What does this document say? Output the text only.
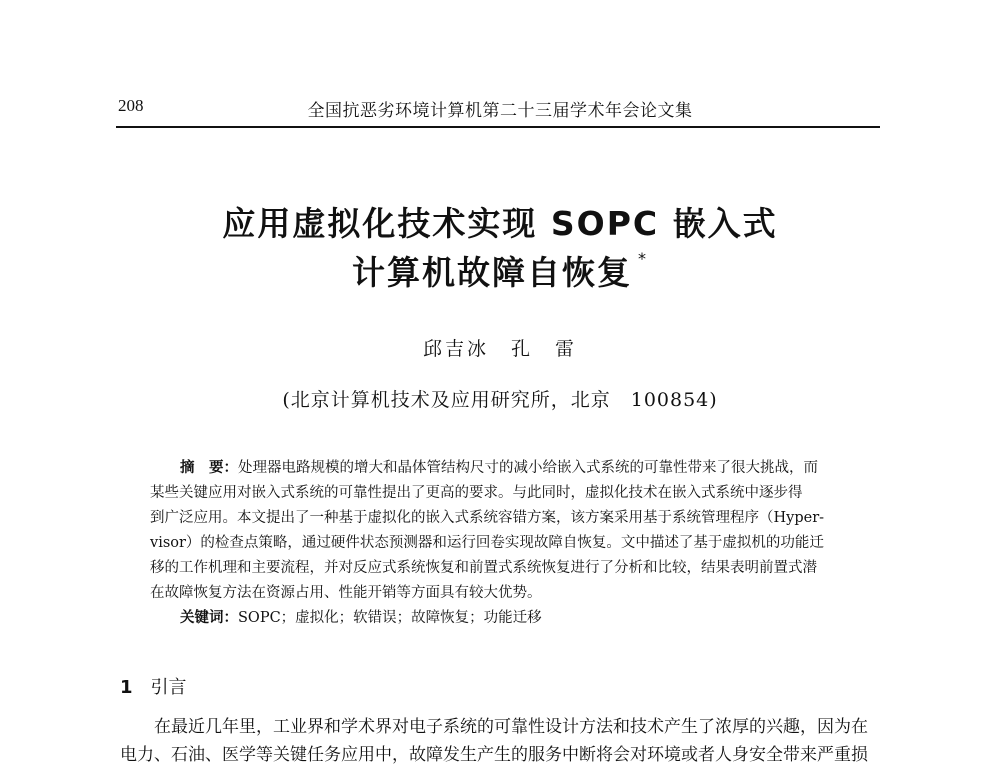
208	全国抗恶劣环境计算机第二十三届学术年会论文集
应用虚拟化技术实现 SOPC 嵌入式
计算机故障自恢复 *
邱吉冰　孔　雷
(北京计算机技术及应用研究所，北京　100854)
摘　要：处理器电路规模的增大和晶体管结构尺寸的减小给嵌入式系统的可靠性带来了很大挑战，而
某些关键应用对嵌入式系统的可靠性提出了更高的要求。与此同时，虚拟化技术在嵌入式系统中逐步得
到广泛应用。本文提出了一种基于虚拟化的嵌入式系统容错方案，该方案采用基于系统管理程序（Hyper-
visor）的检查点策略，通过硬件状态预测器和运行回卷实现故障自恢复。文中描述了基于虚拟机的功能迁
移的工作机理和主要流程，并对反应式系统恢复和前置式系统恢复进行了分析和比较，结果表明前置式潜
在故障恢复方法在资源占用、性能开销等方面具有较大优势。
关键词：SOPC；虚拟化；软错误；故障恢复；功能迁移
1 引言
在最近几年里，工业界和学术界对电子系统的可靠性设计方法和技术产生了浓厚的兴趣，因为在
电力、石油、医学等关键任务应用中，故障发生产生的服务中断将会对环境或者人身安全带来严重损
